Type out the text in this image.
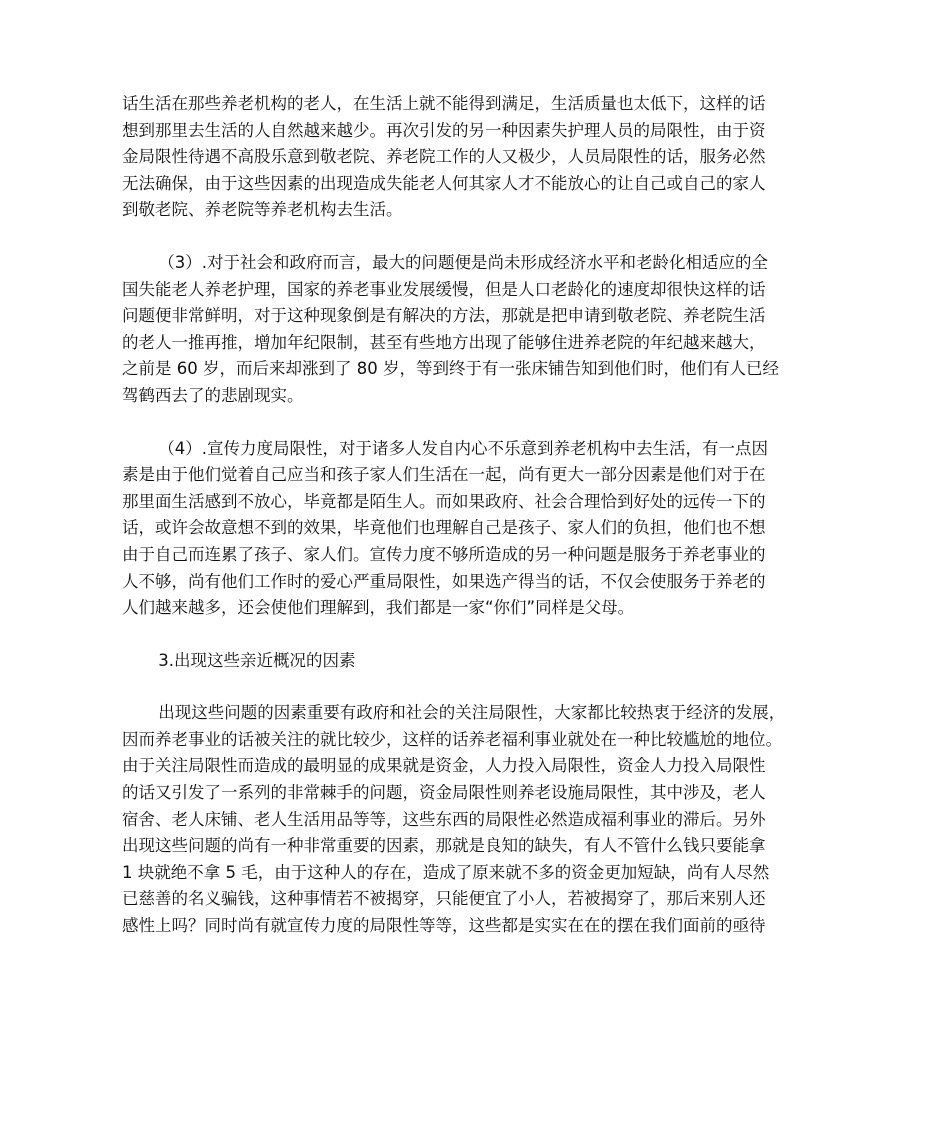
话生活在那些养老机构的老人，在生活上就不能得到满足，生活质量也太低下，这样的话
想到那里去生活的人自然越来越少。再次引发的另一种因素失护理人员的局限性，由于资
金局限性待遇不高股乐意到敬老院、养老院工作的人又极少，人员局限性的话，服务必然
无法确保，由于这些因素的出现造成失能老人何其家人才不能放心的让自己或自己的家人
到敬老院、养老院等养老机构去生活。
（3）.对于社会和政府而言，最大的问题便是尚未形成经济水平和老龄化相适应的全
国失能老人养老护理，国家的养老事业发展缓慢，但是人口老龄化的速度却很快这样的话
问题便非常鲜明，对于这种现象倒是有解决的方法，那就是把申请到敬老院、养老院生活
的老人一推再推，增加年纪限制，甚至有些地方出现了能够住进养老院的年纪越来越大，
之前是 60 岁，而后来却涨到了 80 岁，等到终于有一张床铺告知到他们时，他们有人已经
驾鹤西去了的悲剧现实。
（4）.宣传力度局限性，对于诸多人发自内心不乐意到养老机构中去生活，有一点因
素是由于他们觉着自己应当和孩子家人们生活在一起，尚有更大一部分因素是他们对于在
那里面生活感到不放心，毕竟都是陌生人。而如果政府、社会合理恰到好处的远传一下的
话，或许会故意想不到的效果，毕竟他们也理解自己是孩子、家人们的负担，他们也不想
由于自己而连累了孩子、家人们。宣传力度不够所造成的另一种问题是服务于养老事业的
人不够，尚有他们工作时的爱心严重局限性，如果选产得当的话，不仅会使服务于养老的
人们越来越多，还会使他们理解到，我们都是一家“你们”同样是父母。
3.出现这些亲近概况的因素
出现这些问题的因素重要有政府和社会的关注局限性，大家都比较热衷于经济的发展，
因而养老事业的话被关注的就比较少，这样的话养老福利事业就处在一种比较尴尬的地位。
由于关注局限性而造成的最明显的成果就是资金，人力投入局限性，资金人力投入局限性
的话又引发了一系列的非常棘手的问题，资金局限性则养老设施局限性，其中涉及，老人
宿舍、老人床铺、老人生活用品等等，这些东西的局限性必然造成福利事业的滞后。另外
出现这些问题的尚有一种非常重要的因素，那就是良知的缺失，有人不管什么钱只要能拿
1 块就绝不拿 5 毛，由于这种人的存在，造成了原来就不多的资金更加短缺，尚有人尽然
已慈善的名义骗钱，这种事情若不被揭穿，只能便宜了小人，若被揭穿了，那后来别人还
感性上吗？同时尚有就宣传力度的局限性等等，这些都是实实在在的摆在我们面前的亟待
